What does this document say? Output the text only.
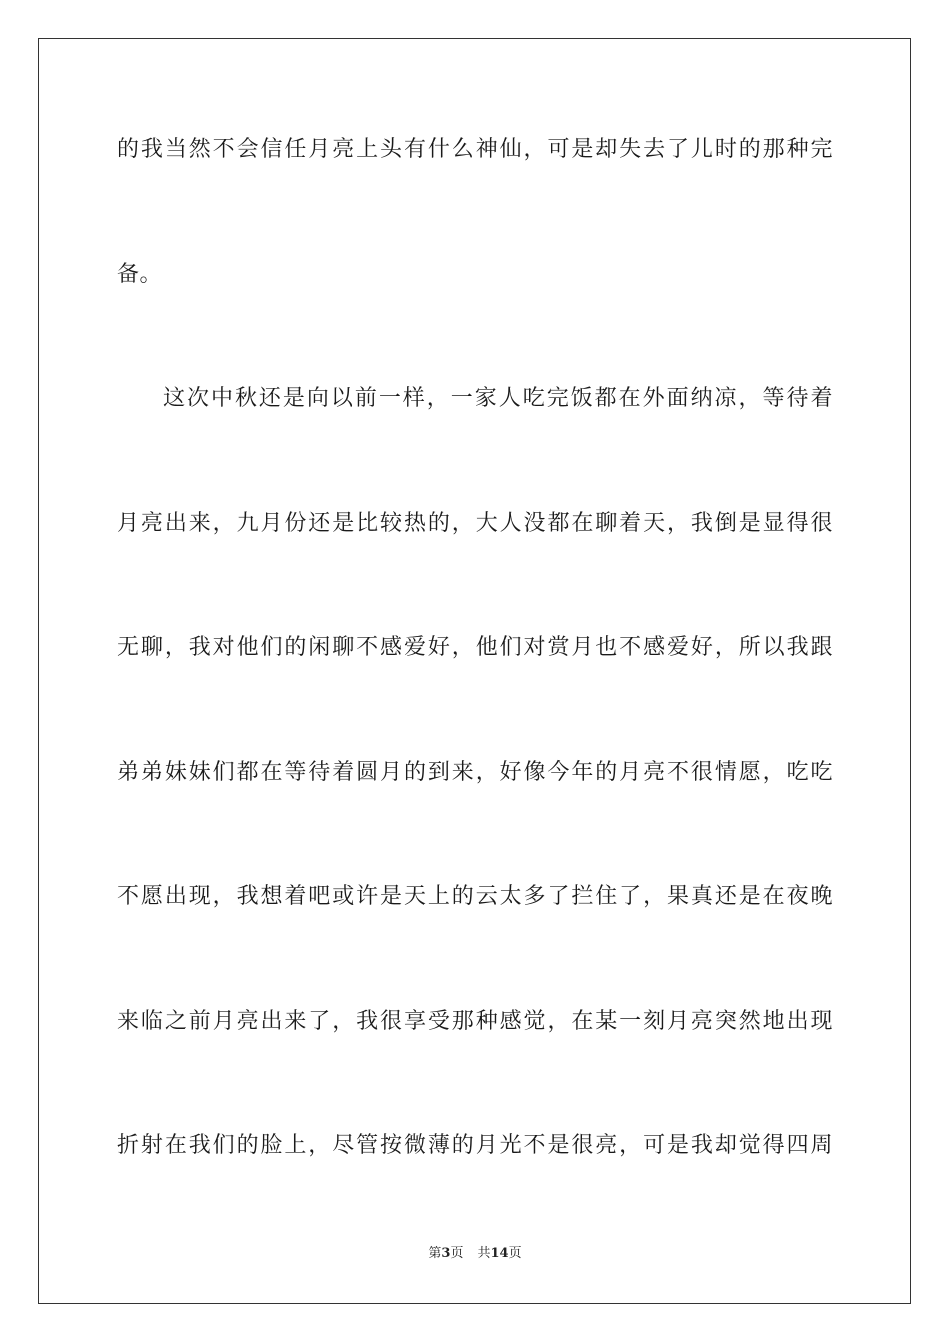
的我当然不会信任月亮上头有什么神仙，可是却失去了儿时的那种完
备。
这次中秋还是向以前一样，一家人吃完饭都在外面纳凉，等待着
月亮出来，九月份还是比较热的，大人没都在聊着天，我倒是显得很
无聊，我对他们的闲聊不感爱好，他们对赏月也不感爱好，所以我跟
弟弟妹妹们都在等待着圆月的到来，好像今年的月亮不很情愿，吃吃
不愿出现，我想着吧或许是天上的云太多了拦住了，果真还是在夜晚
来临之前月亮出来了，我很享受那种感觉，在某一刻月亮突然地出现
折射在我们的脸上，尽管按微薄的月光不是很亮，可是我却觉得四周
第3页 共14页
